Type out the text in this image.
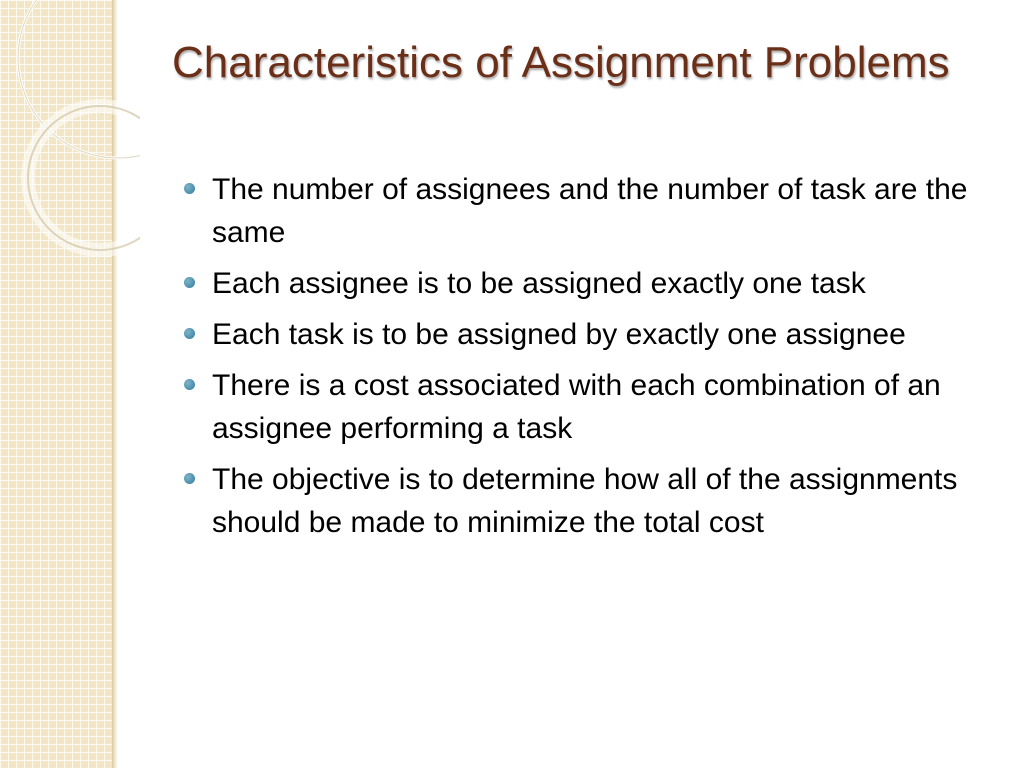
Characteristics of Assignment Problems
The number of assignees and the number of task are the same
Each assignee is to be assigned exactly one task
Each task is to be assigned by exactly one assignee
There is a cost associated with each combination of an assignee performing a task
The objective is to determine how all of the assignments should be made to minimize the total cost
